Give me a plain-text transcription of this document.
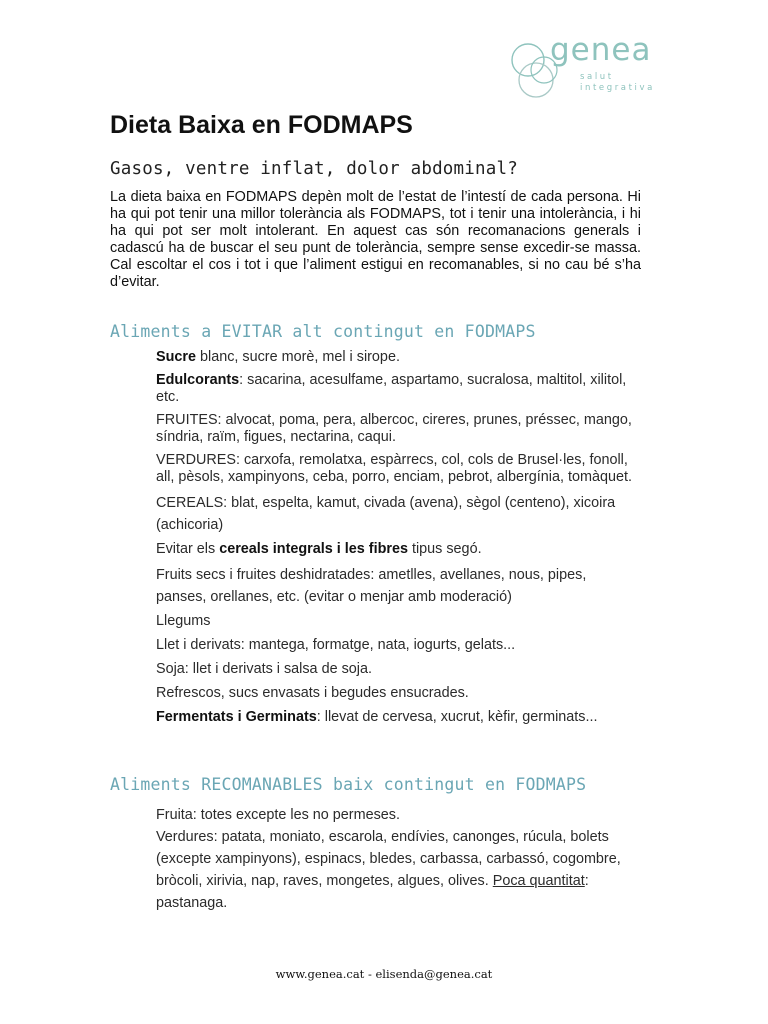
genea
salut
integrativa
Dieta Baixa en FODMAPS

Gasos, ventre inflat, dolor abdominal?

La dieta baixa en FODMAPS depèn molt de l’estat de l’intestí de cada persona. Hi ha qui pot tenir una millor tolerància als FODMAPS, tot i tenir una intolerància, i hi ha qui pot ser molt intolerant. En aquest cas són recomanacions generals i cadascú ha de buscar el seu punt de tolerància, sempre sense excedir-se massa. Cal escoltar el cos i tot i que l’aliment estigui en recomanables, si no cau bé s’ha d’evitar.

Aliments a EVITAR alt contingut en FODMAPS
Sucre blanc, sucre morè, mel i sirope.
Edulcorants: sacarina, acesulfame, aspartamo, sucralosa, maltitol, xilitol, etc.
FRUITES: alvocat, poma, pera, albercoc, cireres, prunes, préssec, mango, síndria, raïm, figues, nectarina, caqui.
VERDURES: carxofa, remolatxa, espàrrecs, col, cols de Brusel·les, fonoll, all, pèsols, xampinyons, ceba, porro, enciam, pebrot, albergínia, tomàquet.
CEREALS: blat, espelta, kamut, civada (avena), sègol (centeno), xicoira (achicoria)
Evitar els cereals integrals i les fibres tipus segó.
Fruits secs i fruites deshidratades: ametlles, avellanes, nous, pipes, panses, orellanes, etc. (evitar o menjar amb moderació)
Llegums
Llet i derivats: mantega, formatge, nata, iogurts, gelats...
Soja: llet i derivats i salsa de soja.
Refrescos, sucs envasats i begudes ensucrades.
Fermentats i Germinats: llevat de cervesa, xucrut, kèfir, germinats...
Aliments RECOMANABLES baix contingut en FODMAPS
Fruita: totes excepte les no permeses.
Verdures: patata, moniato, escarola, endívies, canonges, rúcula, bolets (excepte xampinyons), espinacs, bledes, carbassa, carbassó, cogombre, bròcoli, xirivia, nap, raves, mongetes, algues, olives. Poca quantitat: pastanaga.
www.genea.cat - elisenda@genea.cat
